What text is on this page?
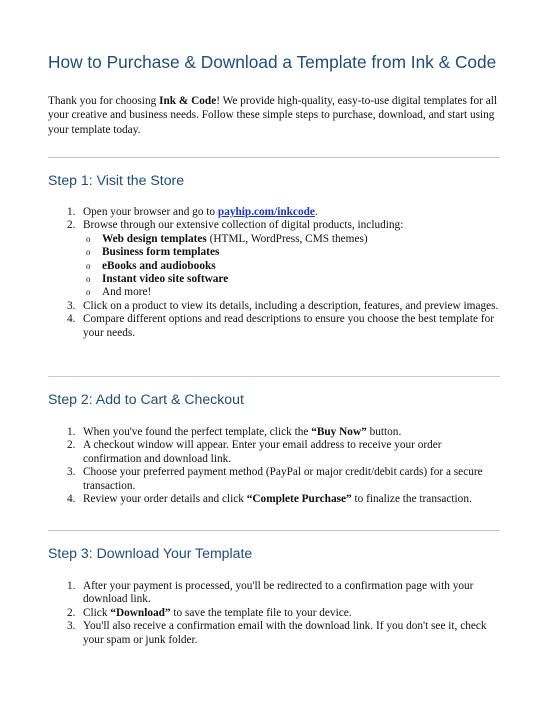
How to Purchase & Download a Template from Ink & Code
Thank you for choosing Ink & Code! We provide high-quality, easy-to-use digital templates for all your creative and business needs. Follow these simple steps to purchase, download, and start using your template today.
Step 1: Visit the Store
1. Open your browser and go to payhip.com/inkcode.
2. Browse through our extensive collection of digital products, including:
o Web design templates (HTML, WordPress, CMS themes)
o Business form templates
o eBooks and audiobooks
o Instant video site software
o And more!
3. Click on a product to view its details, including a description, features, and preview images.
4. Compare different options and read descriptions to ensure you choose the best template for your needs.
Step 2: Add to Cart & Checkout
1. When you've found the perfect template, click the “Buy Now” button.
2. A checkout window will appear. Enter your email address to receive your order confirmation and download link.
3. Choose your preferred payment method (PayPal or major credit/debit cards) for a secure transaction.
4. Review your order details and click “Complete Purchase” to finalize the transaction.
Step 3: Download Your Template
1. After your payment is processed, you'll be redirected to a confirmation page with your download link.
2. Click “Download” to save the template file to your device.
3. You'll also receive a confirmation email with the download link. If you don't see it, check your spam or junk folder.
